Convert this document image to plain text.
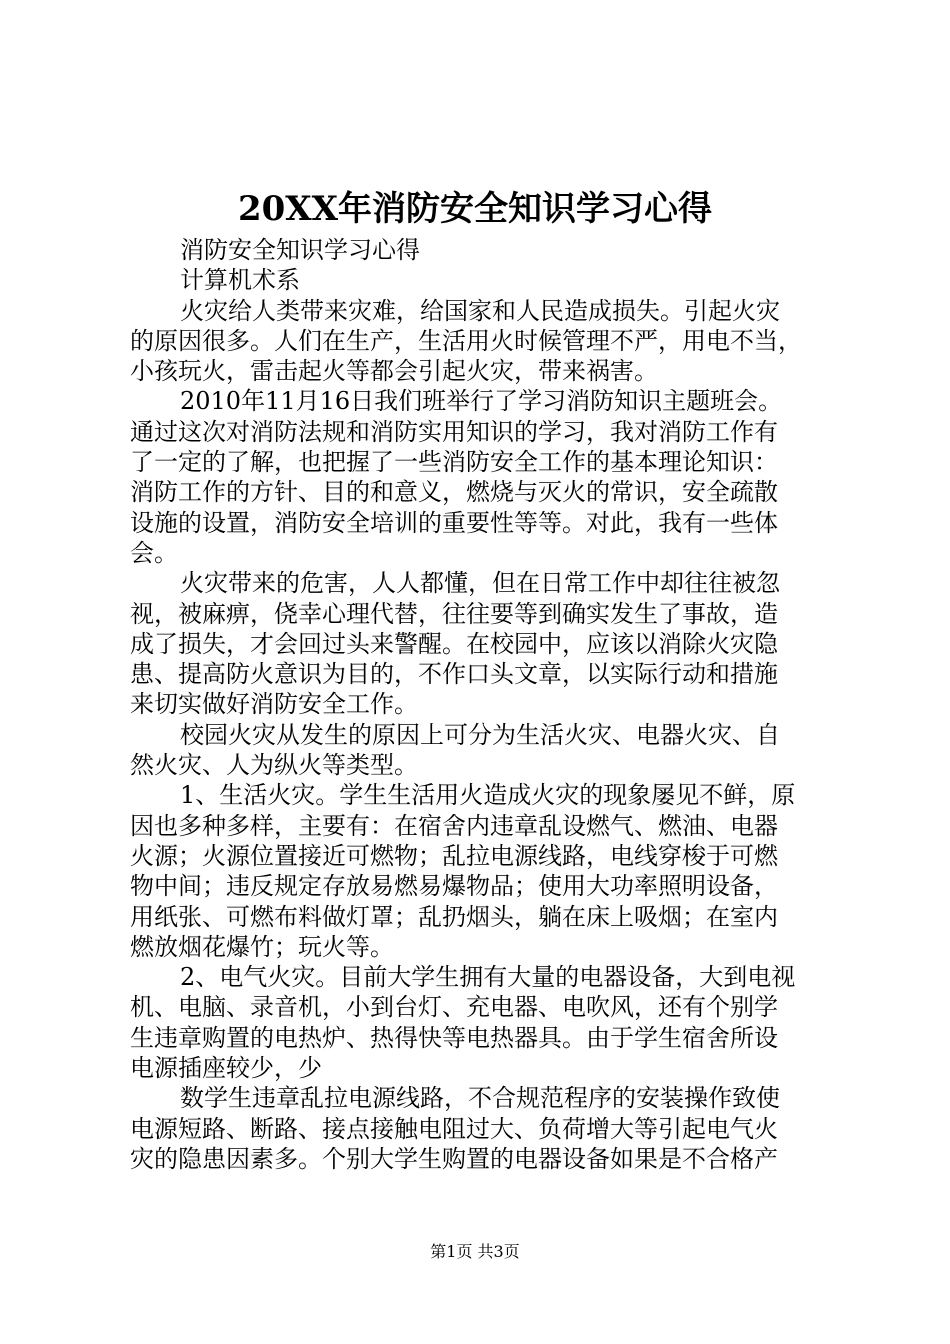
20XX年消防安全知识学习心得
消防安全知识学习心得
计算机术系
火灾给人类带来灾难，给国家和人民造成损失。引起火灾
的原因很多。人们在生产，生活用火时候管理不严，用电不当，
小孩玩火，雷击起火等都会引起火灾，带来祸害。
2010年11月16日我们班举行了学习消防知识主题班会。
通过这次对消防法规和消防实用知识的学习，我对消防工作有
了一定的了解，也把握了一些消防安全工作的基本理论知识：
消防工作的方针、目的和意义，燃烧与灭火的常识，安全疏散
设施的设置，消防安全培训的重要性等等。对此，我有一些体
会。
火灾带来的危害，人人都懂，但在日常工作中却往往被忽
视，被麻痹，侥幸心理代替，往往要等到确实发生了事故，造
成了损失，才会回过头来警醒。在校园中，应该以消除火灾隐
患、提高防火意识为目的，不作口头文章，以实际行动和措施
来切实做好消防安全工作。
校园火灾从发生的原因上可分为生活火灾、电器火灾、自
然火灾、人为纵火等类型。
1、生活火灾。学生生活用火造成火灾的现象屡见不鲜，原
因也多种多样，主要有：在宿舍内违章乱设燃气、燃油、电器
火源；火源位置接近可燃物；乱拉电源线路，电线穿梭于可燃
物中间；违反规定存放易燃易爆物品；使用大功率照明设备，
用纸张、可燃布料做灯罩；乱扔烟头，躺在床上吸烟；在室内
燃放烟花爆竹；玩火等。
2、电气火灾。目前大学生拥有大量的电器设备，大到电视
机、电脑、录音机，小到台灯、充电器、电吹风，还有个别学
生违章购置的电热炉、热得快等电热器具。由于学生宿舍所设
电源插座较少，少
数学生违章乱拉电源线路，不合规范程序的安装操作致使
电源短路、断路、接点接触电阻过大、负荷增大等引起电气火
灾的隐患因素多。个别大学生购置的电器设备如果是不合格产
第1页 共3页
